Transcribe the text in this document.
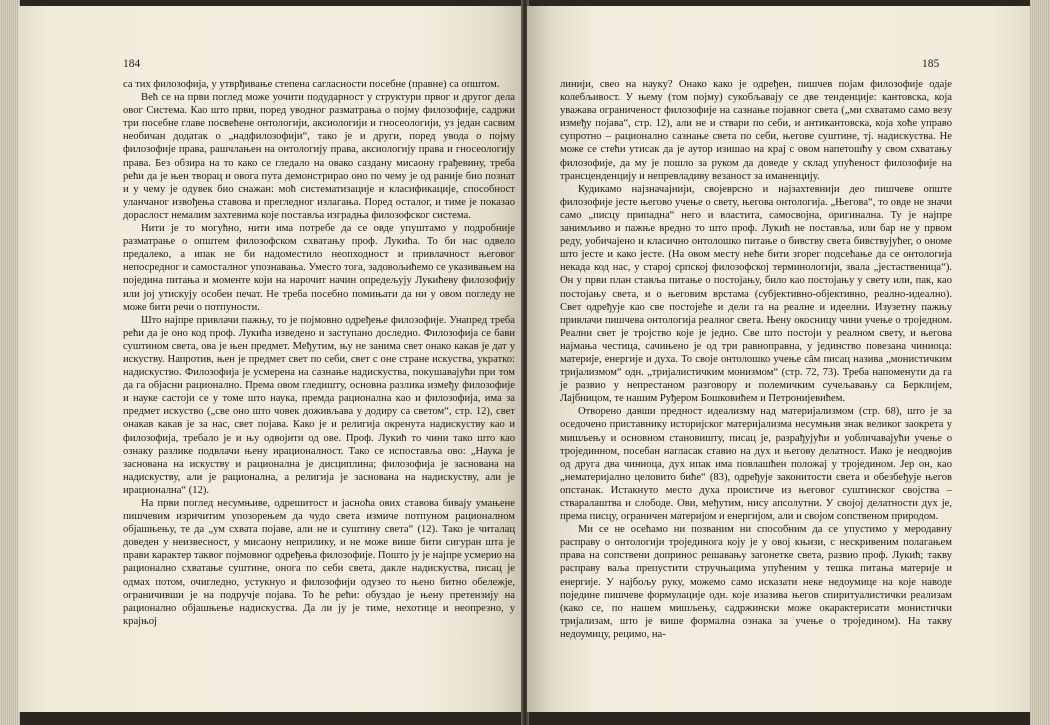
184

са тих филозофија, у утврђивање степена сагласности посебне (правне) са општом.

Већ се на први поглед може уочити подударност у структури првог и другог дела овог Система. Као што први, поред уводног разматрања о појму филозофије, садржи три посебне главе посвећене онтологији, аксиологији и гносеологији, уз један сасвим необичан додатак о „надфилозофији“, тако је и други, поред увода о појму филозофије права, рашчлањен на онтологију права, аксиологију права и гносеологију права. Без обзира на то како се гледало на овако саздану мисаону грађевину, треба рећи да је њен творац и овога пута демонстрирао оно по чему је од раније био познат и у чему је одувек био снажан: моћ систематизације и класификације, способност уланчаног извођења ставова и прегледног излагања. Поред осталог, и тиме је показао дораслост немалим захтевима које поставља изградња филозофског система.

Нити је то могућно, нити има потребе да се овде упуштамо у подробније разматрање о општем филозофском схватању проф. Лукића. То би нас одвело предалеко, а ипак не би надоместило неопходност и привлачност његовог непосредног и самосталног упознавања. Уместо тога, задовољићемо се указивањем на поједина питања и моменте који на нарочит начин опредељују Лукићеву филозофију или јој утискују особен печат. Не треба посебно помињати да ни у овом погледу не може бити речи о потпуности.

Што најпре привлачи пажњу, то је појмовно одређење филозофије. Унапред треба рећи да је оно код проф. Лукића изведено и заступано доследно. Филозофија се бави суштином света, ова је њен предмет. Међутим, њу не занима свет онако какав је дат у искуству. Напротив, њен је предмет свет по себи, свет с оне стране искуства, укратко: надискуство. Филозофија је усмерена на сазнање надискуства, покушавајући при том да га објасни рационално. Према овом гледишту, основна разлика између филозофије и науке састоји се у томе што наука, премда рационална као и филозофија, има за предмет искуство („све оно што човек доживљава у додиру са светом“, стр. 12), свет онакав какав је за нас, свет појава. Како је и религија окренута надискуству као и филозофија, требало је и њу одвојити од ове. Проф. Лукић то чини тако што као ознаку разлике подвлачи њену ирационалност. Тако се испоставља ово: „Наука је заснована на искуству и рационална је дисциплина; филозофија је заснована на надискуству, али је рационална, а религија је заснована на надискуству, али је ирационална“ (12).

На први поглед несумњиве, одрешитост и јасноћа ових ставова бивају умањене пишчевим изричитим упозорењем да чудо света измиче потпуном рационалном објашњењу, те да „ум схвата појаве, али не и суштину света“ (12). Тако је читалац доведен у неизвесност, у мисаону неприлику, и не може више бити сигуран шта је прави карактер таквог појмовног одређења филозофије. Пошто ју је најпре усмерио на рационално схватање суштине, онога по себи света, дакле надискуства, писац је одмах потом, очигледно, устукнуо и филозофији одузео то њено битно обележје, ограничивши је на подручје појава. То ће рећи: обуздао је њену претензију на рационално објашњење надискуства. Да ли ју је тиме, нехотице и неопрезно, у крајњој

185

линији, свео на науку? Онако како је одређен, пишчев појам филозофије одаје колебљивост. У њему (том појму) сукобљавају се две тенденције: кантовска, која уважава ограниченост филозофије на сазнање појавног света („ми схватамо само везу између појава“, стр. 12), али не и ствари по себи, и антикантовска, која хоће управо супротно – рационално сазнање света по себи, његове суштине, тј. надискуства. Не може се стећи утисак да је аутор изишао на крај с овом напетошћу у свом схватању филозофије, да му је пошло за руком да доведе у склад упућеност филозофије на трансценденцију и непревладиву везаност за иманенцију.

Кудикамо најзначајнији, својеврсно и најзахтевнији део пишчеве опште филозофије јесте његово учење о свету, његова онтологија. „Његова“, то овде не значи само „писцу припадна“ него и властита, самосвојна, оригинална. Ту је најпре занимљиво и пажње вредно то што проф. Лукић не поставља, или бар не у првом реду, уобичајено и класично онтолошко питање о бивству света бивствујућег, о ономе што јесте и како јесте. (На овом месту неће бити згорег подсећање да се онтологија некада код нас, у старој српској филозофској терминологији, звала „јестаственица“). Он у први план ставља питање о постојању, било као постојању у свету или, пак, као постојању света, и о његовим врстама (субјективно-објективно, реално-идеално). Свет одређује као све постојеће и дели га на реалне и идеелни. Изузетну пажњу привлачи пишчева онтологија реалног света. Њену окосницу чини учење о троједном. Реални свет је тројство које је једно. Све што постоји у реалном свету, и његова најмања честица, сачињено је од три равноправна, у јединство повезана чиниоца: материје, енергије и духа. То своје онтолошко учење сâм писац назива „монистичким тријализмом“ одн. „тријалистичким монизмом“ (стр. 72, 73). Треба напоменути да га је развио у непрестаном разговору и полемичким сучељавању са Берклијем, Лајбницом, те нашим Руђером Бошковићем и Петронијевићем.

Отворено давши предност идеализму над материјализмом (стр. 68), што је за оседочено приставнику историјског материјализма несумњив знак великог заокрета у мишљењу и основном становишту, писац је, разрађујући и уобличавајући учење о тројединном, посебан нагласак ставио на дух и његову делатност. Иако је неодвојив од друга два чиниоца, дух ипак има повлашћен положај у тројединoм. Јер он, као „нематеријално целовито биће“ (83), одређује законитости света и обезбеђује његов опстанак. Истакнуто место духа проистиче из његовог суштинског својства – стваралаштва и слободе. Ови, међутим, нису апсолутни. У својој делатности дух је, према писцу, ограничен материјом и енергијом, али и својом сопственом природом.

Ми се не осећамо ни позваним ни способним да се упустимо у меродавну расправу о онтологији тројединога коју је у овој књизи, с нескривеним полагањем права на сопствени допринос решавању загонетке света, развио проф. Лукић; такву расправу ваља препустити стручњацима упућеним у тешка питања материје и енергије. У најбољу руку, можемо само исказати неке недоумице на које наводе поједине пишчеве формулације одн. које изазива његов спиритуалистички реализам (како се, по нашем мишљењу, садржински може окарактерисати монистички тријализам, што је више формална ознака за учење о тројединoм). На такву недоумицу, рецимо, на-
